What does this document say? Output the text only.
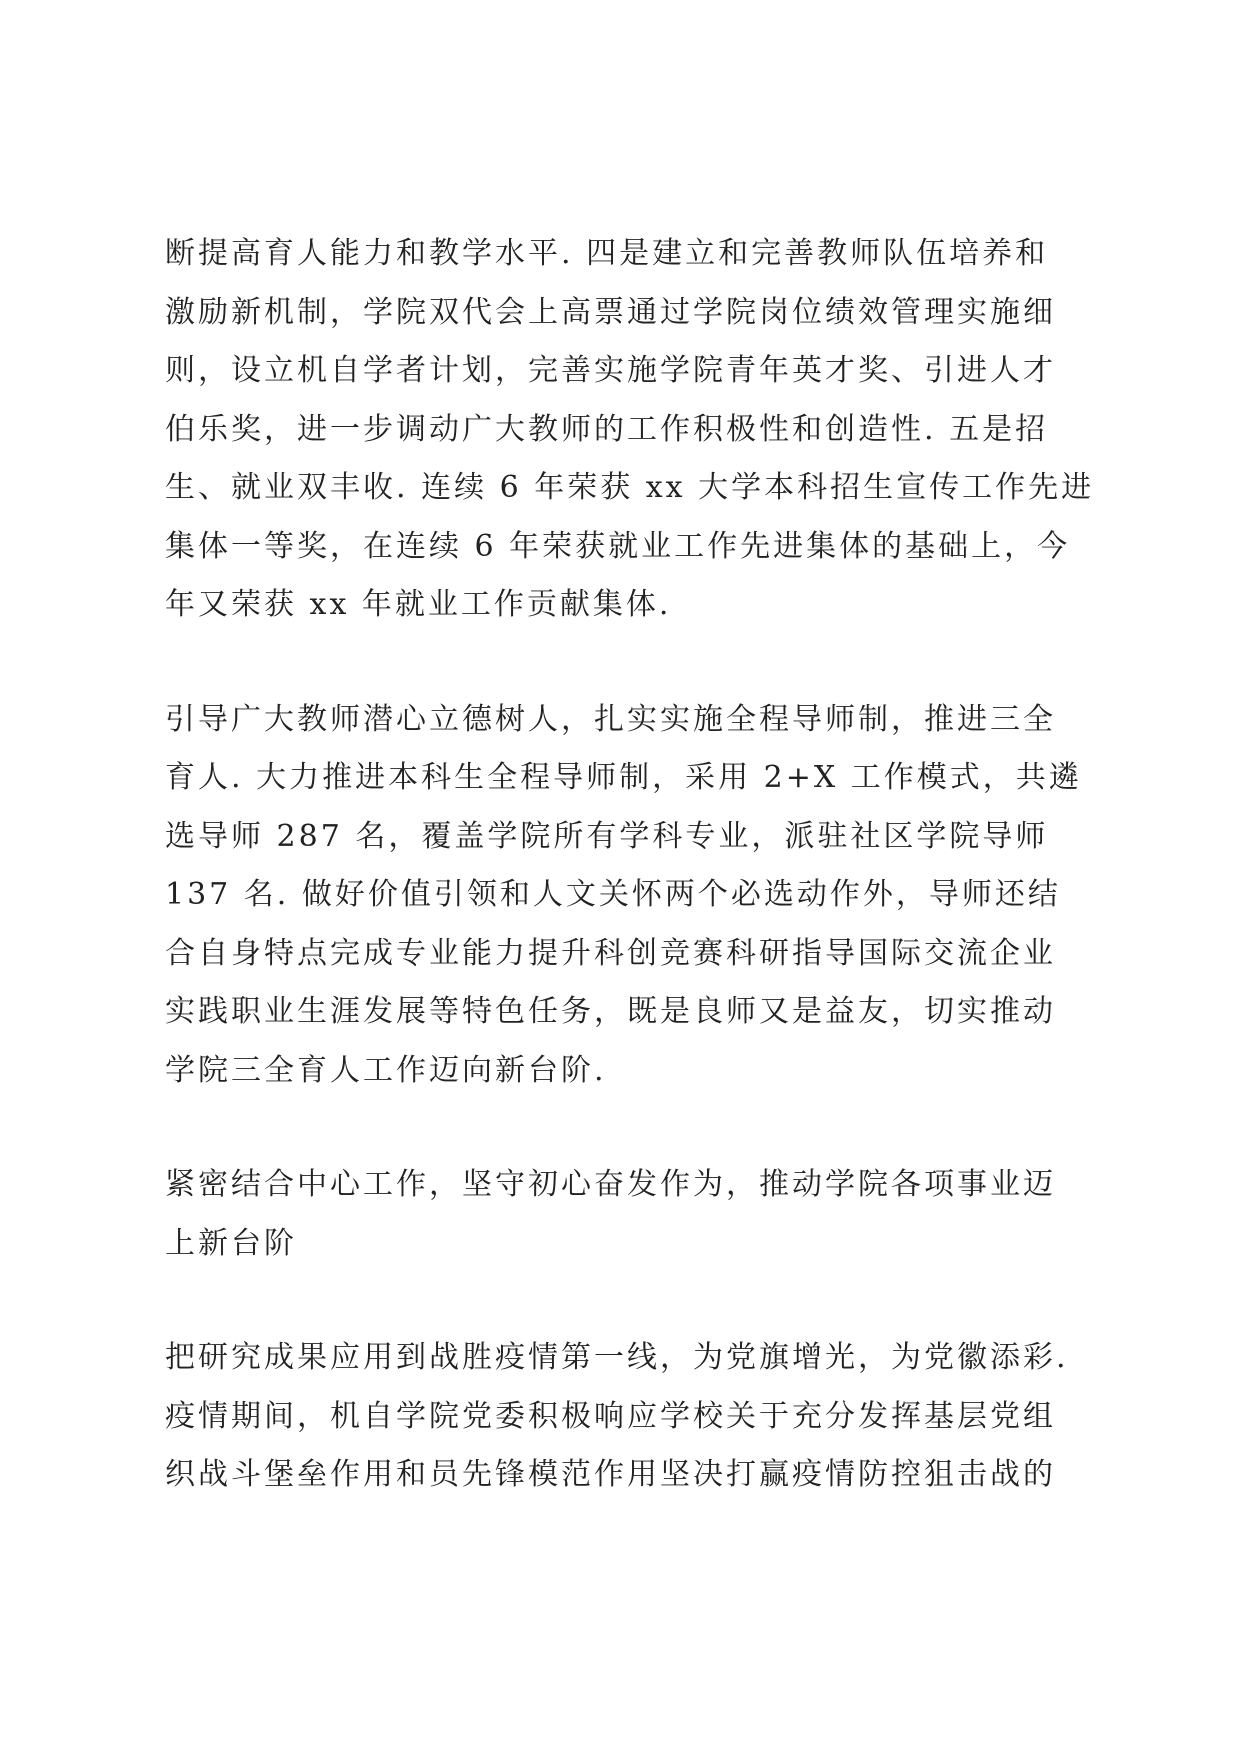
断提高育人能力和教学水平. 四是建立和完善教师队伍培养和
激励新机制，学院双代会上高票通过学院岗位绩效管理实施细
则，设立机自学者计划，完善实施学院青年英才奖、引进人才
伯乐奖，进一步调动广大教师的工作积极性和创造性. 五是招
生、就业双丰收. 连续 6 年荣获 xx 大学本科招生宣传工作先进
集体一等奖，在连续 6 年荣获就业工作先进集体的基础上，今
年又荣获 xx 年就业工作贡献集体.

引导广大教师潜心立德树人，扎实实施全程导师制，推进三全
育人. 大力推进本科生全程导师制，采用 2+X 工作模式，共遴
选导师 287 名，覆盖学院所有学科专业，派驻社区学院导师
137 名. 做好价值引领和人文关怀两个必选动作外，导师还结
合自身特点完成专业能力提升科创竞赛科研指导国际交流企业
实践职业生涯发展等特色任务，既是良师又是益友，切实推动
学院三全育人工作迈向新台阶.

紧密结合中心工作，坚守初心奋发作为，推动学院各项事业迈
上新台阶

把研究成果应用到战胜疫情第一线，为党旗增光，为党徽添彩.
疫情期间，机自学院党委积极响应学校关于充分发挥基层党组
织战斗堡垒作用和员先锋模范作用坚决打赢疫情防控狙击战的
